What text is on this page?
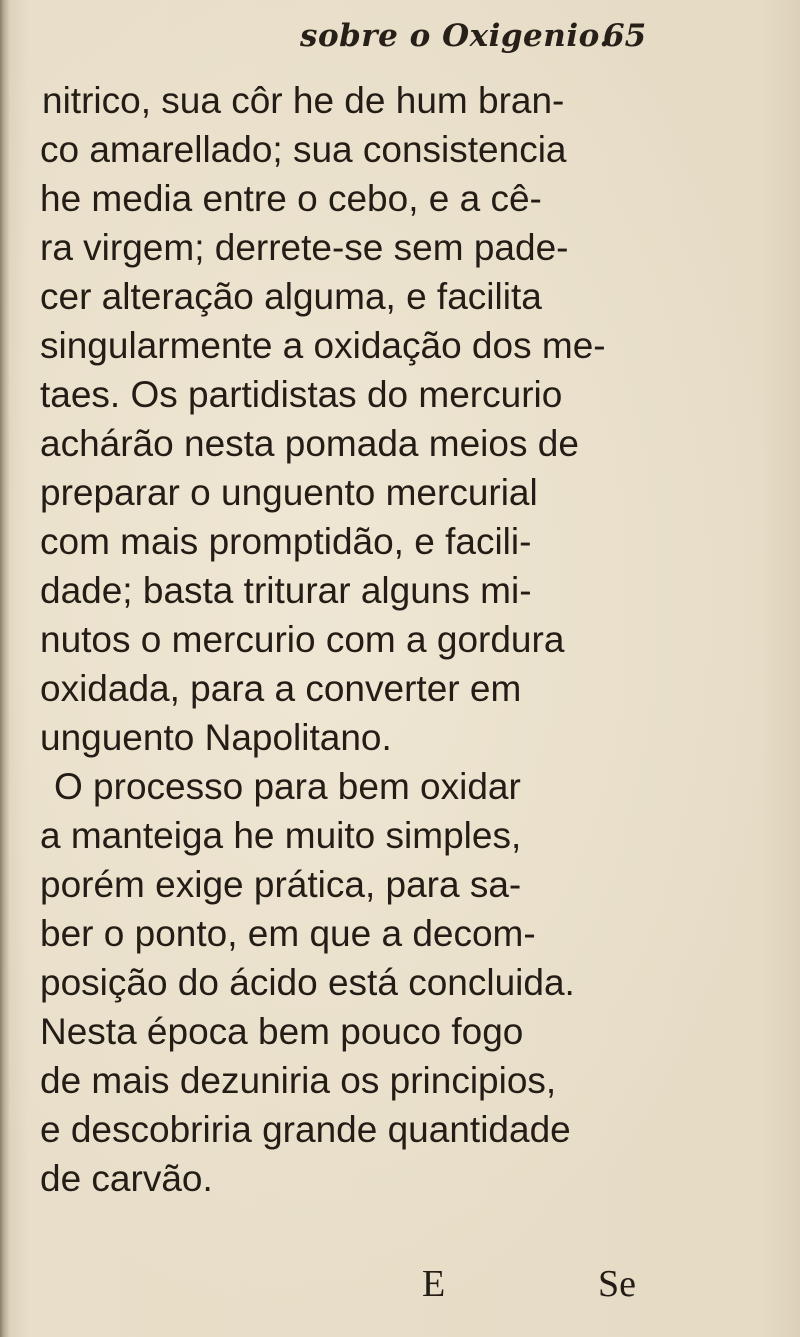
sobre o Oxigenio.
65
nitrico, sua côr he de hum bran-
co amarellado; sua consistencia
he media entre o cebo, e a cê-
ra virgem; derrete-se sem pade-
cer alteração alguma, e facilita
singularmente a oxidação dos me-
taes. Os partidistas do mercurio
achárão nesta pomada meios de
preparar o unguento mercurial
com mais promptidão, e facili-
dade; basta triturar alguns mi-
nutos o mercurio com a gordura
oxidada, para a converter em
unguento Napolitano.
O processo para bem oxidar
a manteiga he muito simples,
porém exige prática, para sa-
ber o ponto, em que a decom-
posição do ácido está concluida.
Nesta época bem pouco fogo
de mais dezuniria os principios,
e descobriria grande quantidade
de carvão.
E	Se
